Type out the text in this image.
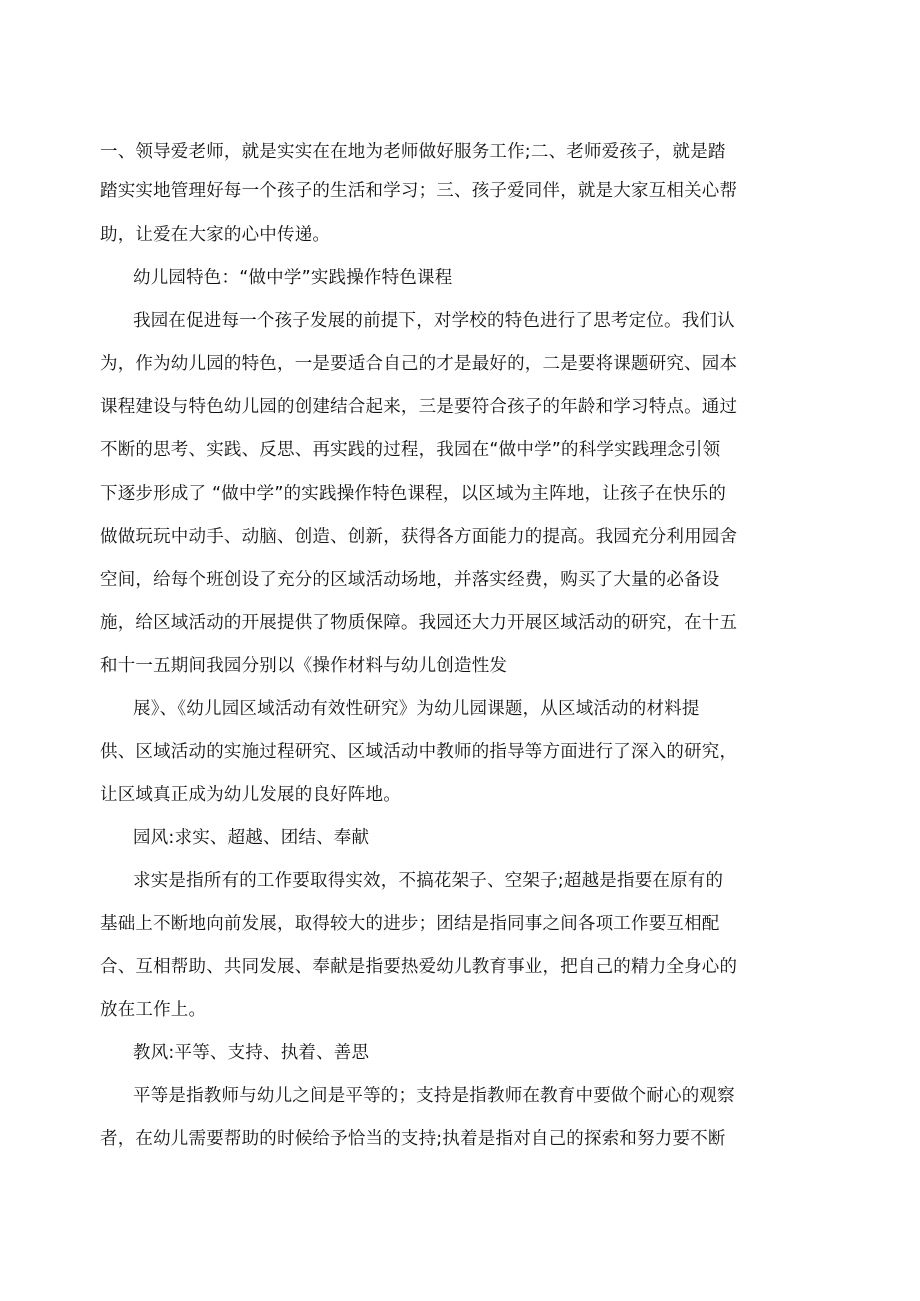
一、领导爱老师，就是实实在在地为老师做好服务工作;二、老师爱孩子，就是踏
踏实实地管理好每一个孩子的生活和学习；三、孩子爱同伴，就是大家互相关心帮
助，让爱在大家的心中传递。
幼儿园特色：“做中学”实践操作特色课程
我园在促进每一个孩子发展的前提下，对学校的特色进行了思考定位。我们认
为，作为幼儿园的特色，一是要适合自己的才是最好的，二是要将课题研究、园本
课程建设与特色幼儿园的创建结合起来，三是要符合孩子的年龄和学习特点。通过
不断的思考、实践、反思、再实践的过程，我园在“做中学”的科学实践理念引领
下逐步形成了 “做中学”的实践操作特色课程，以区域为主阵地，让孩子在快乐的
做做玩玩中动手、动脑、创造、创新，获得各方面能力的提高。我园充分利用园舍
空间，给每个班创设了充分的区域活动场地，并落实经费，购买了大量的必备设
施，给区域活动的开展提供了物质保障。我园还大力开展区域活动的研究，在十五
和十一五期间我园分别以《操作材料与幼儿创造性发
展》、《幼儿园区域活动有效性研究》为幼儿园课题，从区域活动的材料提
供、区域活动的实施过程研究、区域活动中教师的指导等方面进行了深入的研究，
让区域真正成为幼儿发展的良好阵地。
园风:求实、超越、团结、奉献
求实是指所有的工作要取得实效，不搞花架子、空架子;超越是指要在原有的
基础上不断地向前发展，取得较大的进步；团结是指同事之间各项工作要互相配
合、互相帮助、共同发展、奉献是指要热爱幼儿教育事业，把自己的精力全身心的
放在工作上。
教风:平等、支持、执着、善思
平等是指教师与幼儿之间是平等的；支持是指教师在教育中要做个耐心的观察
者，在幼儿需要帮助的时候给予恰当的支持;执着是指对自己的探索和努力要不断
